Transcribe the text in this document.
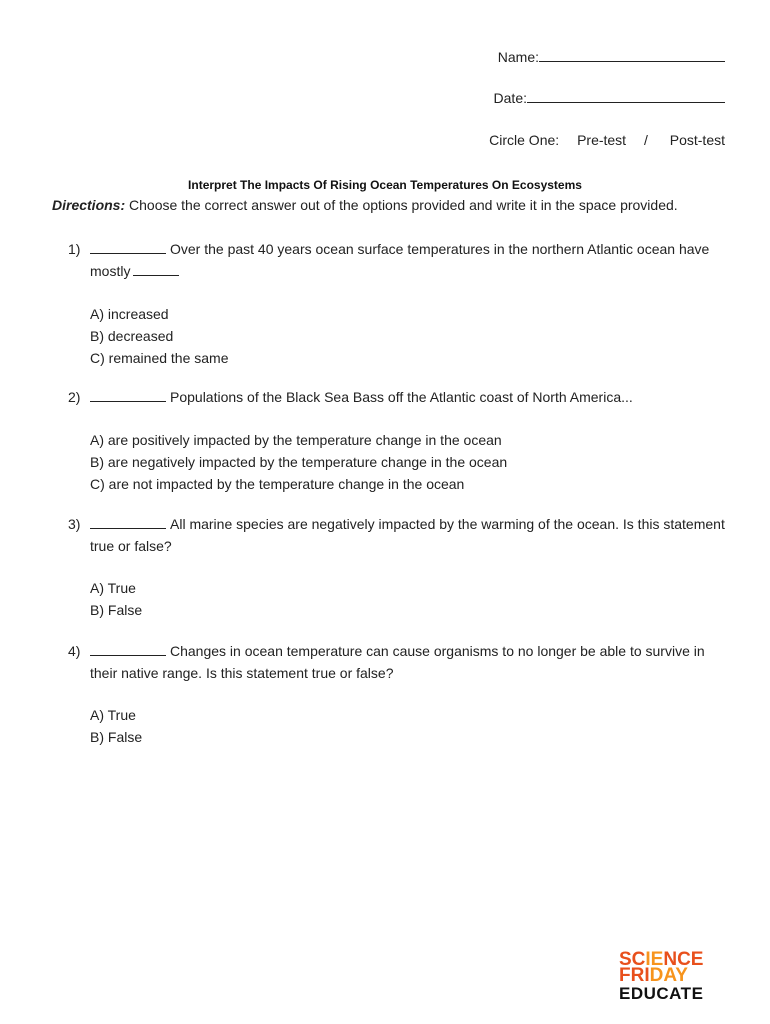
Name:
Date:
Circle One: Pre-test / Post-test
Interpret The Impacts Of Rising Ocean Temperatures On Ecosystems
Directions: Choose the correct answer out of the options provided and write it in the space provided.
1)	Over the past 40 years ocean surface temperatures in the northern Atlantic ocean have mostly
A) increased
B) decreased
C) remained the same
2)	Populations of the Black Sea Bass off the Atlantic coast of North America...
A) are positively impacted by the temperature change in the ocean
B) are negatively impacted by the temperature change in the ocean
C) are not impacted by the temperature change in the ocean
3)	All marine species are negatively impacted by the warming of the ocean. Is this statement true or false?
A) True
B) False
4)	Changes in ocean temperature can cause organisms to no longer be able to survive in their native range. Is this statement true or false?
A) True
B) False
SCIENCE
FRIDAY
EDUCATE
